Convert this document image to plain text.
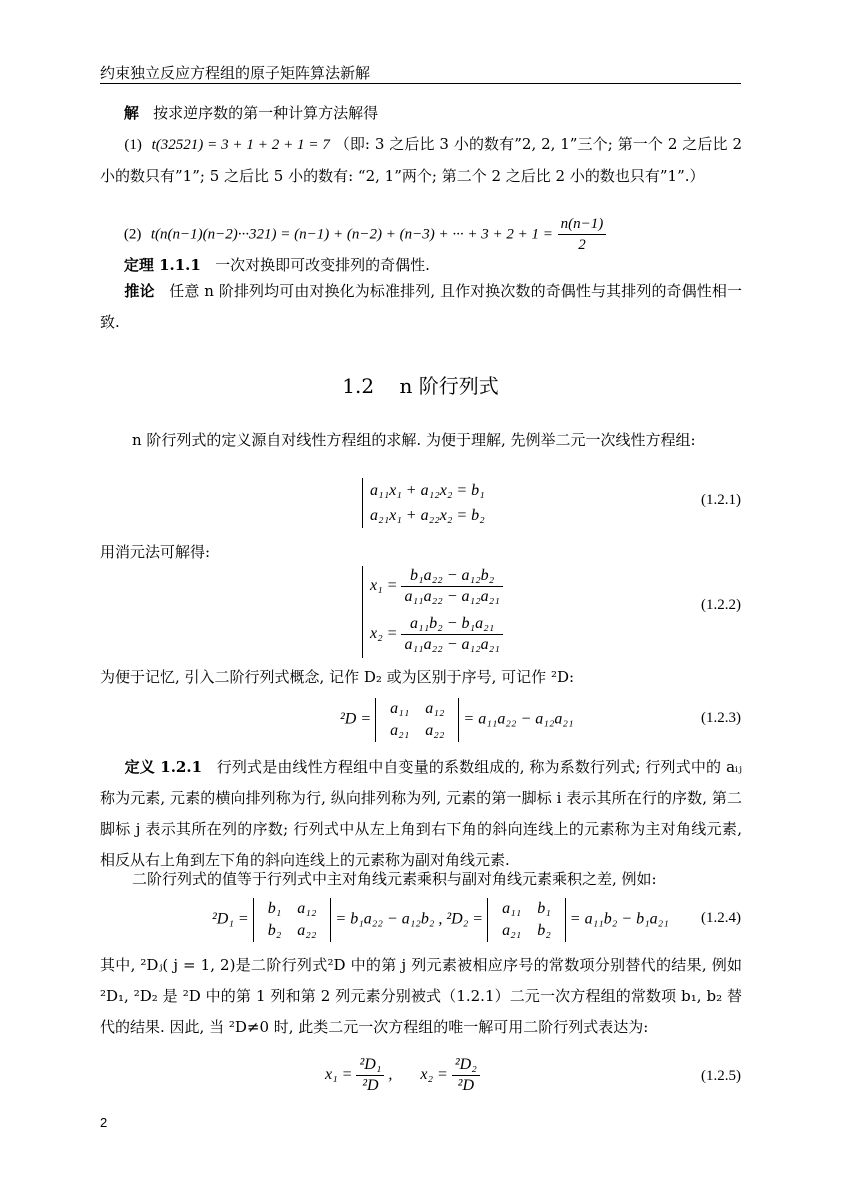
约束独立反应方程组的原子矩阵算法新解
解 按求逆序数的第一种计算方法解得
(1) t(32521) = 3 + 1 + 2 + 1 = 7 （即: 3 之后比 3 小的数有”2, 2, 1”三个; 第一个 2 之后比 2 小的数只有”1”; 5 之后比 5 小的数有: “2, 1”两个; 第二个 2 之后比 2 小的数也只有”1”.）
(2) t(n(n−1)(n−2)···321) = (n−1) + (n−2) + (n−3) + ··· + $3 + 2 + 1 = \frac{n(n-1)}{2}$
定理 1.1.1 一次对换即可改变排列的奇偶性.
推论 任意 n 阶排列均可由对换化为标准排列, 且作对换次数的奇偶性与其排列的奇偶性相一致.
1.2 n 阶行列式
n 阶行列式的定义源自对线性方程组的求解. 为便于理解, 先例举二元一次线性方程组:
a₁₁x₁ + a₁₂x₂ = b₁
a₂₁x₁ + a₂₂x₂ = b₂
(1.2.1)
用消元法可解得:
$x_1 = \frac{\text{b₁a₂₂ − a₁₂b₂}}{\text{a₁₁a₂₂ − a₁₂a₂₁}}$
$x_2 = \frac{\text{a₁₁b₂ − b₁a₂₁}}{\text{a₁₁a₂₂ − a₁₂a₂₁}}$
(1.2.2)
为便于记忆, 引入二阶行列式概念, 记作 D₂ 或为区别于序号, 可记作 ²D:
²D =
a₁₁	a₁₂
a₂₁	a₂₂
= a₁₁a₂₂ − a₁₂a₂₁	(1.2.3)
定义 1.2.1 行列式是由线性方程组中自变量的系数组成的, 称为系数行列式; 行列式中的 aᵢⱼ 称为元素, 元素的横向排列称为行, 纵向排列称为列, 元素的第一脚标 i 表示其所在行的序数, 第二脚标 j 表示其所在列的序数; 行列式中从左上角到右下角的斜向连线上的元素称为主对角线元素, 相反从右上角到左下角的斜向连线上的元素称为副对角线元素.
二阶行列式的值等于行列式中主对角线元素乘积与副对角线元素乘积之差, 例如:
²D₁ =
b₁	a₁₂
b₂	a₂₂
= b₁a₂₂ − a₁₂b₂ , ²D₂ =
a₁₁	b₁
a₂₁	b₂
= a₁₁b₂ − b₁a₂₁ (1.2.4)
其中, ²Dⱼ( j = 1, 2)是二阶行列式²D 中的第 j 列元素被相应序号的常数项分别替代的结果, 例如 ²D₁, ²D₂ 是 ²D 中的第 1 列和第 2 列元素分别被式（1.2.1）二元一次方程组的常数项 b₁, b₂ 替代的结果. 因此, 当 ²D≠0 时, 此类二元一次方程组的唯一解可用二阶行列式表达为:
$x_1 = \frac{\text{²D₁}}{\text{²D}}$ ,       $x_2 = \frac{\text{²D₂}}{\text{²D}}$	(1.2.5)
2
